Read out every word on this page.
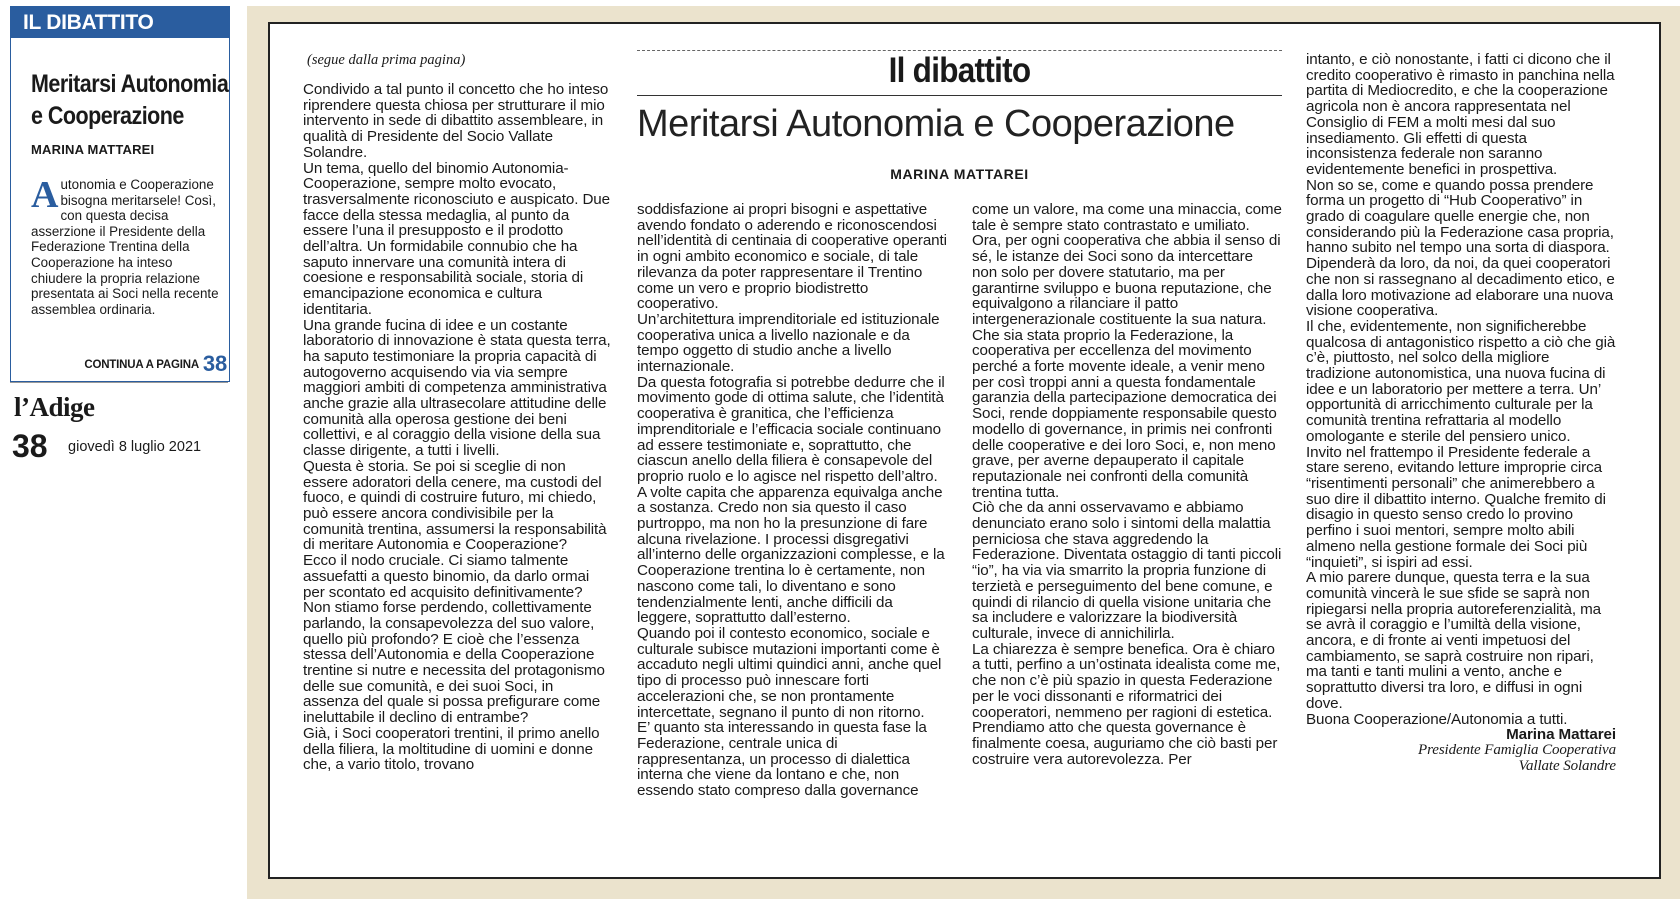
IL DIBATTITO
Meritarsi Autonomia
e Cooperazione
MARINA MATTAREI
Autonomia e Cooperazione bisogna meritarsele! Così, con questa decisa asserzione il Presidente della Federazione Trentina della Cooperazione ha inteso chiudere la propria relazione presentata ai Soci nella recente assemblea ordinaria.
CONTINUA A PAGINA 38
l’Adige
38 giovedì 8 luglio 2021
(segue dalla prima pagina)

Condivido a tal punto il concetto che ho inteso riprendere questa chiosa per strutturare il mio intervento in sede di dibattito assembleare, in qualità di Presidente del Socio Vallate Solandre.

Un tema, quello del binomio Autonomia-Cooperazione, sempre molto evocato, trasversalmente riconosciuto e auspicato. Due facce della stessa medaglia, al punto da essere l’una il presupposto e il prodotto dell’altra. Un formidabile connubio che ha saputo innervare una comunità intera di coesione e responsabilità sociale, storia di emancipazione economica e cultura identitaria.

Una grande fucina di idee e un costante laboratorio di innovazione è stata questa terra, ha saputo testimoniare la propria capacità di autogoverno acquisendo via via sempre maggiori ambiti di competenza amministrativa anche grazie alla ultrasecolare attitudine delle comunità alla operosa gestione dei beni collettivi, e al coraggio della visione della sua classe dirigente, a tutti i livelli.

Questa è storia. Se poi si sceglie di non essere adoratori della cenere, ma custodi del fuoco, e quindi di costruire futuro, mi chiedo, può essere ancora condivisibile per la comunità trentina, assumersi la responsabilità di meritare Autonomia e Cooperazione?

Ecco il nodo cruciale. Ci siamo talmente assuefatti a questo binomio, da darlo ormai per scontato ed acquisito definitivamente? Non stiamo forse perdendo, collettivamente parlando, la consapevolezza del suo valore, quello più profondo? E cioè che l’essenza stessa dell’Autonomia e della Cooperazione trentine si nutre e necessita del protagonismo delle sue comunità, e dei suoi Soci, in assenza del quale si possa prefigurare come ineluttabile il declino di entrambe?

Già, i Soci cooperatori trentini, il primo anello della filiera, la moltitudine di uomini e donne che, a vario titolo, trovano

Il dibattito
Meritarsi Autonomia e Cooperazione
MARINA MATTAREI

soddisfazione ai propri bisogni e aspettative avendo fondato o aderendo e riconoscendosi nell’identità di centinaia di cooperative operanti in ogni ambito economico e sociale, di tale rilevanza da poter rappresentare il Trentino come un vero e proprio biodistretto cooperativo.

Un’architettura imprenditoriale ed istituzionale cooperativa unica a livello nazionale e da tempo oggetto di studio anche a livello internazionale.

Da questa fotografia si potrebbe dedurre che il movimento gode di ottima salute, che l’identità cooperativa è granitica, che l’efficienza imprenditoriale e l’efficacia sociale continuano ad essere testimoniate e, soprattutto, che ciascun anello della filiera è consapevole del proprio ruolo e lo agisce nel rispetto dell’altro.

A volte capita che apparenza equivalga anche a sostanza. Credo non sia questo il caso purtroppo, ma non ho la presunzione di fare alcuna rivelazione. I processi disgregativi all’interno delle organizzazioni complesse, e la Cooperazione trentina lo è certamente, non nascono come tali, lo diventano e sono tendenzialmente lenti, anche difficili da leggere, soprattutto dall’esterno.

Quando poi il contesto economico, sociale e culturale subisce mutazioni importanti come è accaduto negli ultimi quindici anni, anche quel tipo di processo può innescare forti accelerazioni che, se non prontamente intercettate, segnano il punto di non ritorno.

E’ quanto sta interessando in questa fase la Federazione, centrale unica di rappresentanza, un processo di dialettica interna che viene da lontano e che, non essendo stato compreso dalla governance

come un valore, ma come una minaccia, come tale è sempre stato contrastato e umiliato.

Ora, per ogni cooperativa che abbia il senso di sé, le istanze dei Soci sono da intercettare non solo per dovere statutario, ma per garantirne sviluppo e buona reputazione, che equivalgono a rilanciare il patto intergenerazionale costituente la sua natura.

Che sia stata proprio la Federazione, la cooperativa per eccellenza del movimento perché a forte movente ideale, a venir meno per così troppi anni a questa fondamentale garanzia della partecipazione democratica dei Soci, rende doppiamente responsabile questo modello di governance, in primis nei confronti delle cooperative e dei loro Soci, e, non meno grave, per averne depauperato il capitale reputazionale nei confronti della comunità trentina tutta.

Ciò che da anni osservavamo e abbiamo denunciato erano solo i sintomi della malattia perniciosa che stava aggredendo la Federazione. Diventata ostaggio di tanti piccoli “io”, ha via via smarrito la propria funzione di terzietà e perseguimento del bene comune, e quindi di rilancio di quella visione unitaria che sa includere e valorizzare la biodiversità culturale, invece di annichilirla.

La chiarezza è sempre benefica. Ora è chiaro a tutti, perfino a un’ostinata idealista come me, che non c’è più spazio in questa Federazione per le voci dissonanti e riformatrici dei cooperatori, nemmeno per ragioni di estetica.

Prendiamo atto che questa governance è finalmente coesa, auguriamo che ciò basti per costruire vera autorevolezza. Per

intanto, e ciò nonostante, i fatti ci dicono che il credito cooperativo è rimasto in panchina nella partita di Mediocredito, e che la cooperazione agricola non è ancora rappresentata nel Consiglio di FEM a molti mesi dal suo insediamento. Gli effetti di questa inconsistenza federale non saranno evidentemente benefici in prospettiva.

Non so se, come e quando possa prendere forma un progetto di “Hub Cooperativo” in grado di coagulare quelle energie che, non considerando più la Federazione casa propria, hanno subito nel tempo una sorta di diaspora.

Dipenderà da loro, da noi, da quei cooperatori che non si rassegnano al decadimento etico, e dalla loro motivazione ad elaborare una nuova visione cooperativa.

Il che, evidentemente, non significherebbe qualcosa di antagonistico rispetto a ciò che già c’è, piuttosto, nel solco della migliore tradizione autonomistica, una nuova fucina di idee e un laboratorio per mettere a terra. Un’ opportunità di arricchimento culturale per la comunità trentina refrattaria al modello omologante e sterile del pensiero unico.

Invito nel frattempo il Presidente federale a stare sereno, evitando letture improprie circa “risentimenti personali” che animerebbero a suo dire il dibattito interno. Qualche fremito di disagio in questo senso credo lo provino perfino i suoi mentori, sempre molto abili almeno nella gestione formale dei Soci più “inquieti”, si ispiri ad essi.

A mio parere dunque, questa terra e la sua comunità vincerà le sue sfide se saprà non ripiegarsi nella propria autoreferenzialità, ma se avrà il coraggio e l’umiltà della visione, ancora, e di fronte ai venti impetuosi del cambiamento, se saprà costruire non ripari, ma tanti e tanti mulini a vento, anche e soprattutto diversi tra loro, e diffusi in ogni dove.

Buona Cooperazione/Autonomia a tutti.

Marina Mattarei
Presidente Famiglia Cooperativa
Vallate Solandre
